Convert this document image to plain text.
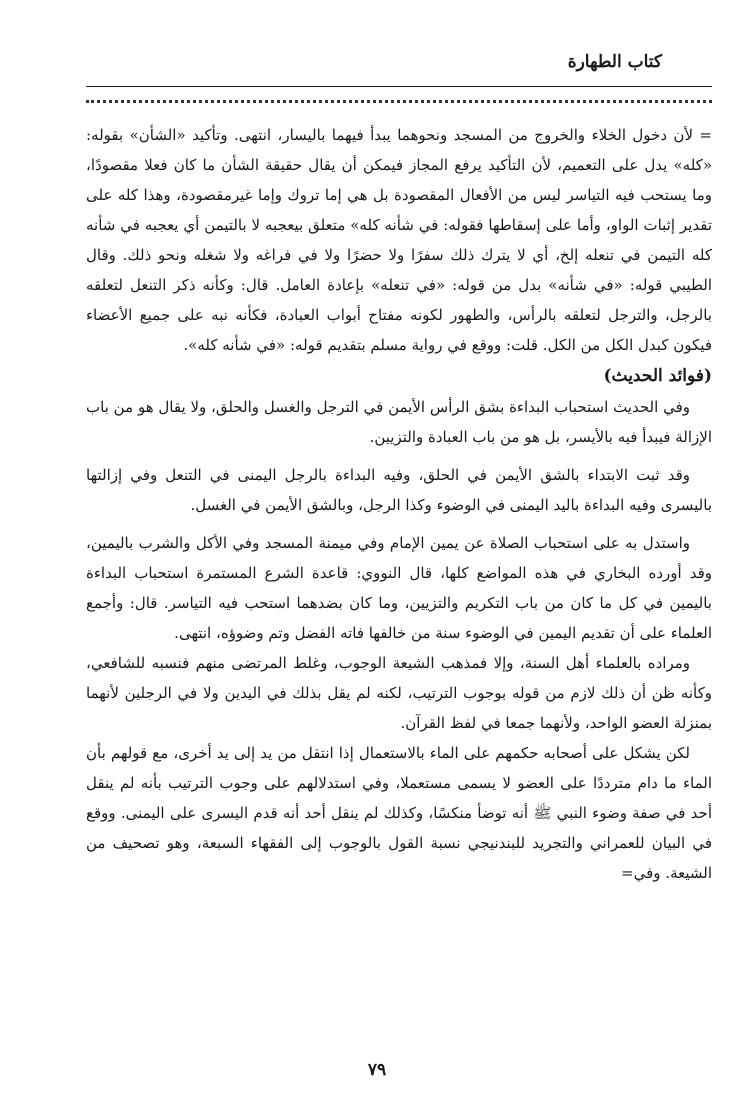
كتاب الطهارة

= لأن دخول الخلاء والخروج من المسجد ونحوهما يبدأ فيهما باليسار، انتهى. وتأكيد «الشأن» بقوله: «كله» يدل على التعميم، لأن التأكيد يرفع المجاز فيمكن أن يقال حقيقة الشأن ما كان فعلا مقصودًا، وما يستحب فيه التياسر ليس من الأفعال المقصودة بل هي إما تروك وإما غيرمقصودة، وهذا كله على تقدير إثبات الواو، وأما على إسقاطها فقوله: في شأنه كله» متعلق بيعجبه لا بالتيمن أي يعجبه في شأنه كله التيمن في تنعله إلخ، أي لا يترك ذلك سفرًا ولا حضرًا ولا في فراغه ولا شغله ونحو ذلك. وقال الطيبي قوله: «في شأنه» بدل من قوله: «في تنعله» بإعادة العامل. قال: وكأنه ذكر التنعل لتعلقه بالرجل، والترجل لتعلقه بالرأس، والطهور لكونه مفتاح أبواب العبادة، فكأنه نبه على جميع الأعضاء فيكون كبدل الكل من الكل. قلت: ووقع في رواية مسلم بتقديم قوله: «في شأنه كله».

(فوائد الحديث)

وفي الحديث استحباب البداءة بشق الرأس الأيمن في الترجل والغسل والحلق، ولا يقال هو من باب الإزالة فيبدأ فيه بالأيسر، بل هو من باب العبادة والتزيين.

وقد ثبت الابتداء بالشق الأيمن في الحلق، وفيه البداءة بالرجل اليمنى في التنعل وفي إزالتها باليسرى وفيه البداءة باليد اليمنى في الوضوء وكذا الرجل، وبالشق الأيمن في الغسل.

واستدل به على استحباب الصلاة عن يمين الإمام وفي ميمنة المسجد وفي الأكل والشرب باليمين، وقد أورده البخاري في هذه المواضع كلها، قال النووي: قاعدة الشرع المستمرة استحباب البداءة باليمين في كل ما كان من باب التكريم والتزيين، وما كان بضدهما استحب فيه التياسر. قال: وأجمع العلماء على أن تقديم اليمين في الوضوء سنة من خالفها فاته الفضل وتم وضوؤه، انتهى.

ومراده بالعلماء أهل السنة، وإلا فمذهب الشيعة الوجوب، وغلط المرتضى منهم فنسبه للشافعي، وكأنه ظن أن ذلك لازم من قوله بوجوب الترتيب، لكنه لم يقل بذلك في اليدين ولا في الرجلين لأنهما بمنزلة العضو الواحد، ولأنهما جمعا في لفظ القرآن.

لكن يشكل على أصحابه حكمهم على الماء بالاستعمال إذا انتقل من يد إلى يد أخرى، مع قولهم بأن الماء ما دام مترددًا على العضو لا يسمى مستعملا، وفي استدلالهم على وجوب الترتيب بأنه لم ينقل أحد في صفة وضوء النبي ﷺ أنه توضأ منكسًا، وكذلك لم ينقل أحد أنه قدم اليسرى على اليمنى. ووقع في البيان للعمراني والتجريد للبندنيجي نسبة القول بالوجوب إلى الفقهاء السبعة، وهو تصحيف من الشيعة. وفي=

٧٩
